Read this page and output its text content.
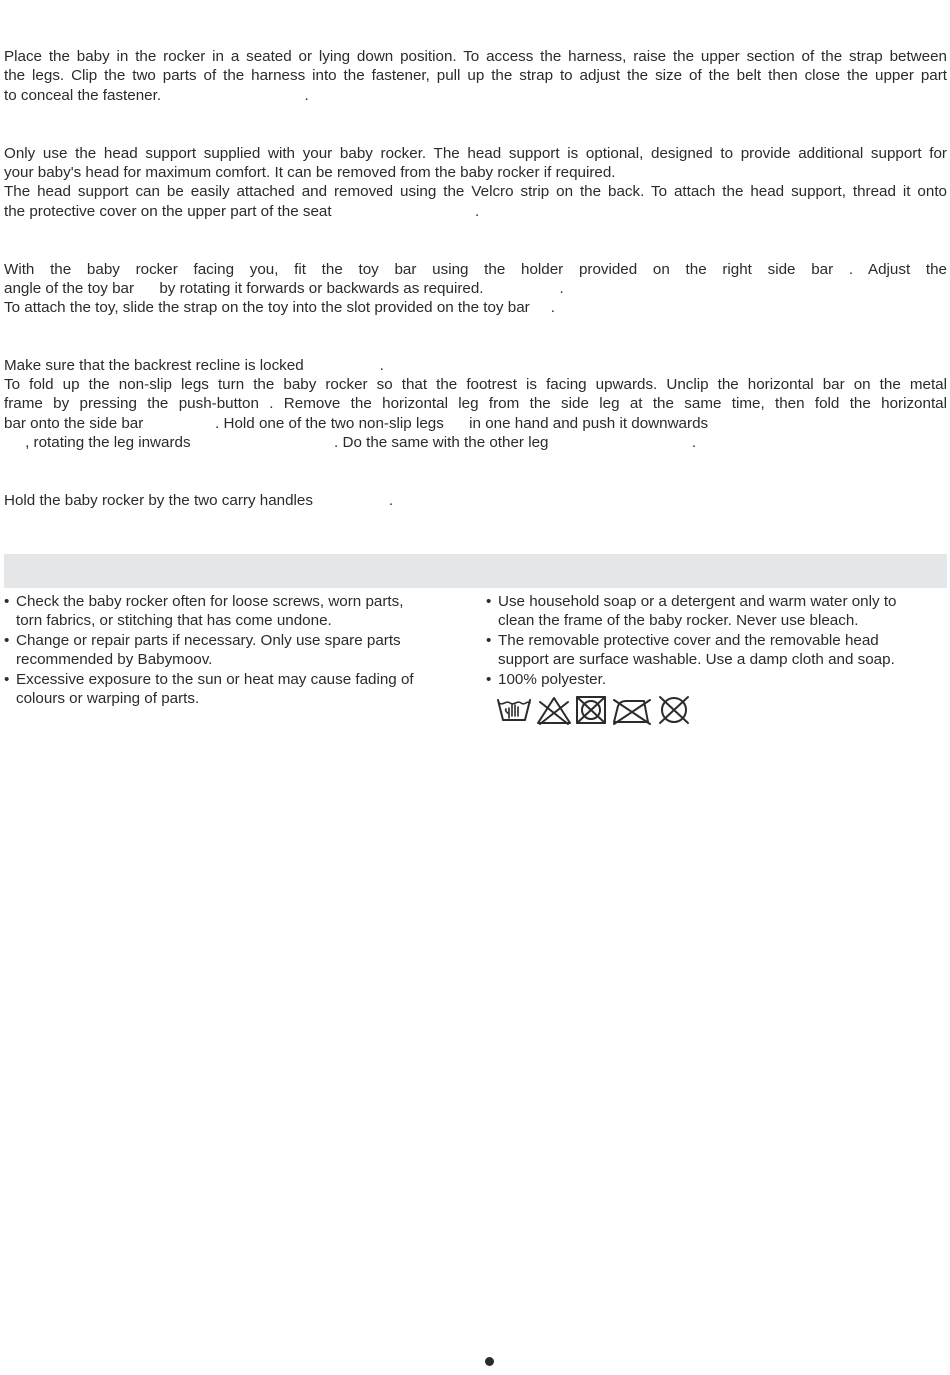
Place the baby in the rocker in a seated or lying down position. To access the harness, raise the upper section of the strap between
the legs. Clip the two parts of the harness into the fastener, pull up the strap to adjust the size of the belt then close the upper part
to conceal the fastener.                                  .
Only use the head support supplied with your baby rocker. The head support is optional, designed to provide additional support for
your baby's head for maximum comfort. It can be removed from the baby rocker if required.
The head support can be easily attached and removed using the Velcro strip on the back. To attach the head support, thread it onto
the protective cover on the upper part of the seat                                  .
With the baby rocker facing you, fit the toy bar using the holder provided on the right side bar . Adjust the
angle of the toy bar      by rotating it forwards or backwards as required.                  .
To attach the toy, slide the strap on the toy into the slot provided on the toy bar     .
Make sure that the backrest recline is locked                  .
To fold up the non-slip legs turn the baby rocker so that the footrest is facing upwards. Unclip the horizontal bar on the metal
frame by pressing the push-button . Remove the horizontal leg from the side leg at the same time, then fold the horizontal
bar onto the side bar                 . Hold one of the two non-slip legs      in one hand and push it downwards
, rotating the leg inwards                                  . Do the same with the other leg                                  .
Hold the baby rocker by the two carry handles                  .
• Check the baby rocker often for loose screws, worn parts,
torn fabrics, or stitching that has come undone.
• Change or repair parts if necessary. Only use spare parts
recommended by Babymoov.
• Excessive exposure to the sun or heat may cause fading of
colours or warping of parts.
• Use household soap or a detergent and warm water only to
clean the frame of the baby rocker. Never use bleach.
• The removable protective cover and the removable head
support are surface washable. Use a damp cloth and soap.
• 100% polyester.
